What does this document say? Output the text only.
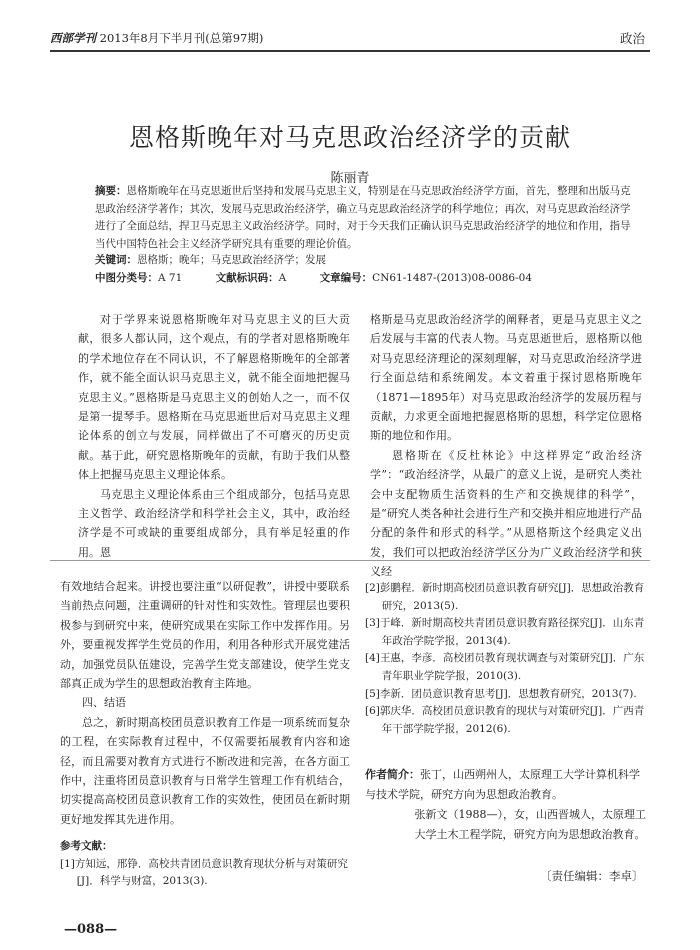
西部学刊 2013年8月下半月刊(总第97期)	政治
恩格斯晚年对马克思政治经济学的贡献
陈丽青
摘要：恩格斯晚年在马克思逝世后坚持和发展马克思主义，特别是在马克思政治经济学方面，首先，整理和出版马克思政治经济学著作；其次，发展马克思政治经济学，确立马克思政治经济学的科学地位；再次，对马克思政治经济学进行了全面总结，捍卫马克思主义政治经济学。同时，对于今天我们正确认识马克思政治经济学的地位和作用，指导当代中国特色社会主义经济学研究具有重要的理论价值。
关键词：恩格斯；晚年；马克思政治经济学；发展
中图分类号：A 71	文献标识码：A	文章编号：CN61-1487-(2013)08-0086-04

对于学界来说恩格斯晚年对马克思主义的巨大贡献，很多人都认同，这个观点，有的学者对恩格斯晚年的学术地位存在不同认识，不了解恩格斯晚年的全部著作，就不能全面认识马克思主义，就不能全面地把握马克思主义。”恩格斯是马克思主义的创始人之一，而不仅是第一提琴手。恩格斯在马克思逝世后对马克思主义理论体系的创立与发展，同样做出了不可磨灭的历史贡献。基于此，研究恩格斯晚年的贡献，有助于我们从整体上把握马克思主义理论体系。

马克思主义理论体系由三个组成部分，包括马克思主义哲学、政治经济学和科学社会主义，其中，政治经济学是不可或缺的重要组成部分，具有举足轻重的作用。恩

格斯是马克思政治经济学的阐释者，更是马克思主义之后发展与丰富的代表人物。马克思逝世后，恩格斯以他对马克思经济理论的深刻理解，对马克思政治经济学进行全面总结和系统阐发。本文着重于探讨恩格斯晚年（1871—1895年）对马克思政治经济学的发展历程与贡献，力求更全面地把握恩格斯的思想，科学定位恩格斯的地位和作用。

恩格斯在《反杜林论》中这样界定“政治经济学”：“政治经济学，从最广的意义上说，是研究人类社会中支配物质生活资料的生产和交换规律的科学”，是“研究人类各种社会进行生产和交换并相应地进行产品分配的条件和形式的科学。”从恩格斯这个经典定义出发，我们可以把政治经济学区分为广义政治经济学和狭义经

有效地结合起来。讲授也要注重“以研促教”，讲授中要联系当前热点问题，注重调研的针对性和实效性。管理层也要积极参与到研究中来，使研究成果在实际工作中发挥作用。另外，要重视发挥学生党员的作用，利用各种形式开展党建活动，加强党员队伍建设，完善学生党支部建设，使学生党支部真正成为学生的思想政治教育主阵地。

四、结语

总之，新时期高校团员意识教育工作是一项系统而复杂的工程，在实际教育过程中，不仅需要拓展教育内容和途径，而且需要对教育方式进行不断改进和完善，在各方面工作中，注重将团员意识教育与日常学生管理工作有机结合，切实提高高校团员意识教育工作的实效性，使团员在新时期更好地发挥其先进作用。

参考文献：

[1]方知远，邢铮．高校共青团员意识教育现状分析与对策研究[J]．科学与财富，2013(3).

[2]彭鹏程．新时期高校团员意识教育研究[J]．思想政治教育研究，2013(5).

[3]于峰．新时期高校共青团员意识教育路径探究[J]．山东青年政治学院学报，2013(4).

[4]王惠，李彦．高校团员教育现状调查与对策研究[J]．广东青年职业学院学报，2010(3).

[5]李新．团员意识教育思考[J]．思想教育研究，2013(7).

[6]郭庆华．高校团员意识教育的现状与对策研究[J]．广西青年干部学院学报，2012(6).

作者简介：张丁，山西朔州人，太原理工大学计算机科学与技术学院，研究方向为思想政治教育。
张新文（1988—），女，山西晋城人，太原理工大学土木工程学院，研究方向为思想政治教育。
〔责任编辑：李卓〕
—088—
